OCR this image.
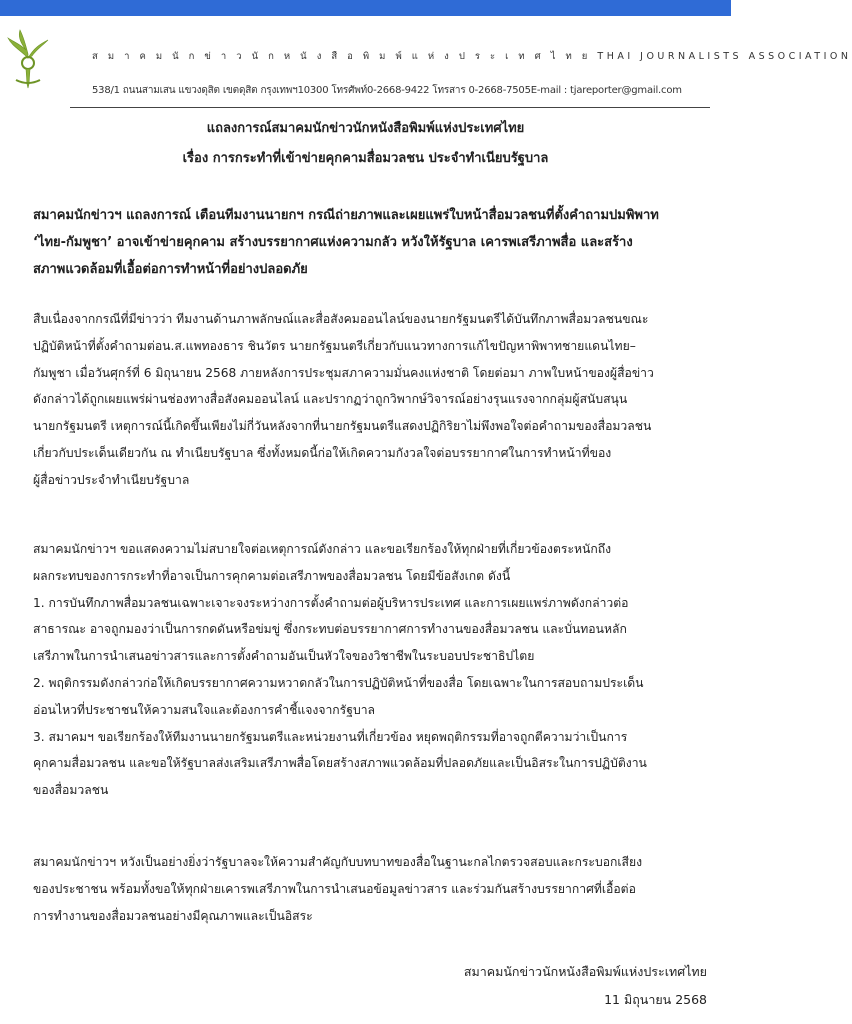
ส ม า ค ม นั ก ข่ า ว นั ก ห นั ง สื อ พิ ม พ์ แ ห่ ง ป ร ะ เ ท ศ ไ ท ย THAI JOURNALISTS ASSOCIATION
538/1 ถนนสามเสน แขวงดุสิต เขตดุสิต กรุงเทพฯ10300 โทรศัพท์0-2668-9422 โทรสาร 0-2668-7505E-mail : tjareporter@gmail.com
แถลงการณ์สมาคมนักข่าวนักหนังสือพิมพ์แห่งประเทศไทย
เรื่อง การกระทำที่เข้าข่ายคุกคามสื่อมวลชน ประจำทำเนียบรัฐบาล
สมาคมนักข่าวฯ แถลงการณ์ เตือนทีมงานนายกฯ กรณีถ่ายภาพและเผยแพร่ใบหน้าสื่อมวลชนที่ตั้งคำถามปมพิพาท
‘ไทย-กัมพูชา’ อาจเข้าข่ายคุกคาม สร้างบรรยากาศแห่งความกลัว หวังให้รัฐบาล เคารพเสรีภาพสื่อ และสร้าง
สภาพแวดล้อมที่เอื้อต่อการทำหน้าที่อย่างปลอดภัย
สืบเนื่องจากกรณีที่มีข่าวว่า ทีมงานด้านภาพลักษณ์และสื่อสังคมออนไลน์ของนายกรัฐมนตรีได้บันทึกภาพสื่อมวลชนขณะ
ปฏิบัติหน้าที่ตั้งคำถามต่อน.ส.แพทองธาร ชินวัตร นายกรัฐมนตรีเกี่ยวกับแนวทางการแก้ไขปัญหาพิพาทชายแดนไทย–
กัมพูชา เมื่อวันศุกร์ที่ 6 มิถุนายน 2568 ภายหลังการประชุมสภาความมั่นคงแห่งชาติ โดยต่อมา ภาพใบหน้าของผู้สื่อข่าว
ดังกล่าวได้ถูกเผยแพร่ผ่านช่องทางสื่อสังคมออนไลน์ และปรากฏว่าถูกวิพากษ์วิจารณ์อย่างรุนแรงจากกลุ่มผู้สนับสนุน
นายกรัฐมนตรี เหตุการณ์นี้เกิดขึ้นเพียงไม่กี่วันหลังจากที่นายกรัฐมนตรีแสดงปฏิกิริยาไม่พึงพอใจต่อคำถามของสื่อมวลชน
เกี่ยวกับประเด็นเดียวกัน ณ ทำเนียบรัฐบาล ซึ่งทั้งหมดนี้ก่อให้เกิดความกังวลใจต่อบรรยากาศในการทำหน้าที่ของ
ผู้สื่อข่าวประจำทำเนียบรัฐบาล
สมาคมนักข่าวฯ ขอแสดงความไม่สบายใจต่อเหตุการณ์ดังกล่าว และขอเรียกร้องให้ทุกฝ่ายที่เกี่ยวข้องตระหนักถึง
ผลกระทบของการกระทำที่อาจเป็นการคุกคามต่อเสรีภาพของสื่อมวลชน โดยมีข้อสังเกต ดังนี้
1. การบันทึกภาพสื่อมวลชนเฉพาะเจาะจงระหว่างการตั้งคำถามต่อผู้บริหารประเทศ และการเผยแพร่ภาพดังกล่าวต่อ
สาธารณะ อาจถูกมองว่าเป็นการกดดันหรือข่มขู่ ซึ่งกระทบต่อบรรยากาศการทำงานของสื่อมวลชน และบั่นทอนหลัก
เสรีภาพในการนำเสนอข่าวสารและการตั้งคำถามอันเป็นหัวใจของวิชาชีพในระบอบประชาธิปไตย
2. พฤติกรรมดังกล่าวก่อให้เกิดบรรยากาศความหวาดกลัวในการปฏิบัติหน้าที่ของสื่อ โดยเฉพาะในการสอบถามประเด็น
อ่อนไหวที่ประชาชนให้ความสนใจและต้องการคำชี้แจงจากรัฐบาล
3. สมาคมฯ ขอเรียกร้องให้ทีมงานนายกรัฐมนตรีและหน่วยงานที่เกี่ยวข้อง หยุดพฤติกรรมที่อาจถูกตีความว่าเป็นการ
คุกคามสื่อมวลชน และขอให้รัฐบาลส่งเสริมเสรีภาพสื่อโดยสร้างสภาพแวดล้อมที่ปลอดภัยและเป็นอิสระในการปฏิบัติงาน
ของสื่อมวลชน
สมาคมนักข่าวฯ หวังเป็นอย่างยิ่งว่ารัฐบาลจะให้ความสำคัญกับบทบาทของสื่อในฐานะกลไกตรวจสอบและกระบอกเสียง
ของประชาชน พร้อมทั้งขอให้ทุกฝ่ายเคารพเสรีภาพในการนำเสนอข้อมูลข่าวสาร และร่วมกันสร้างบรรยากาศที่เอื้อต่อ
การทำงานของสื่อมวลชนอย่างมีคุณภาพและเป็นอิสระ
สมาคมนักข่าวนักหนังสือพิมพ์แห่งประเทศไทย
11 มิถุนายน 2568
